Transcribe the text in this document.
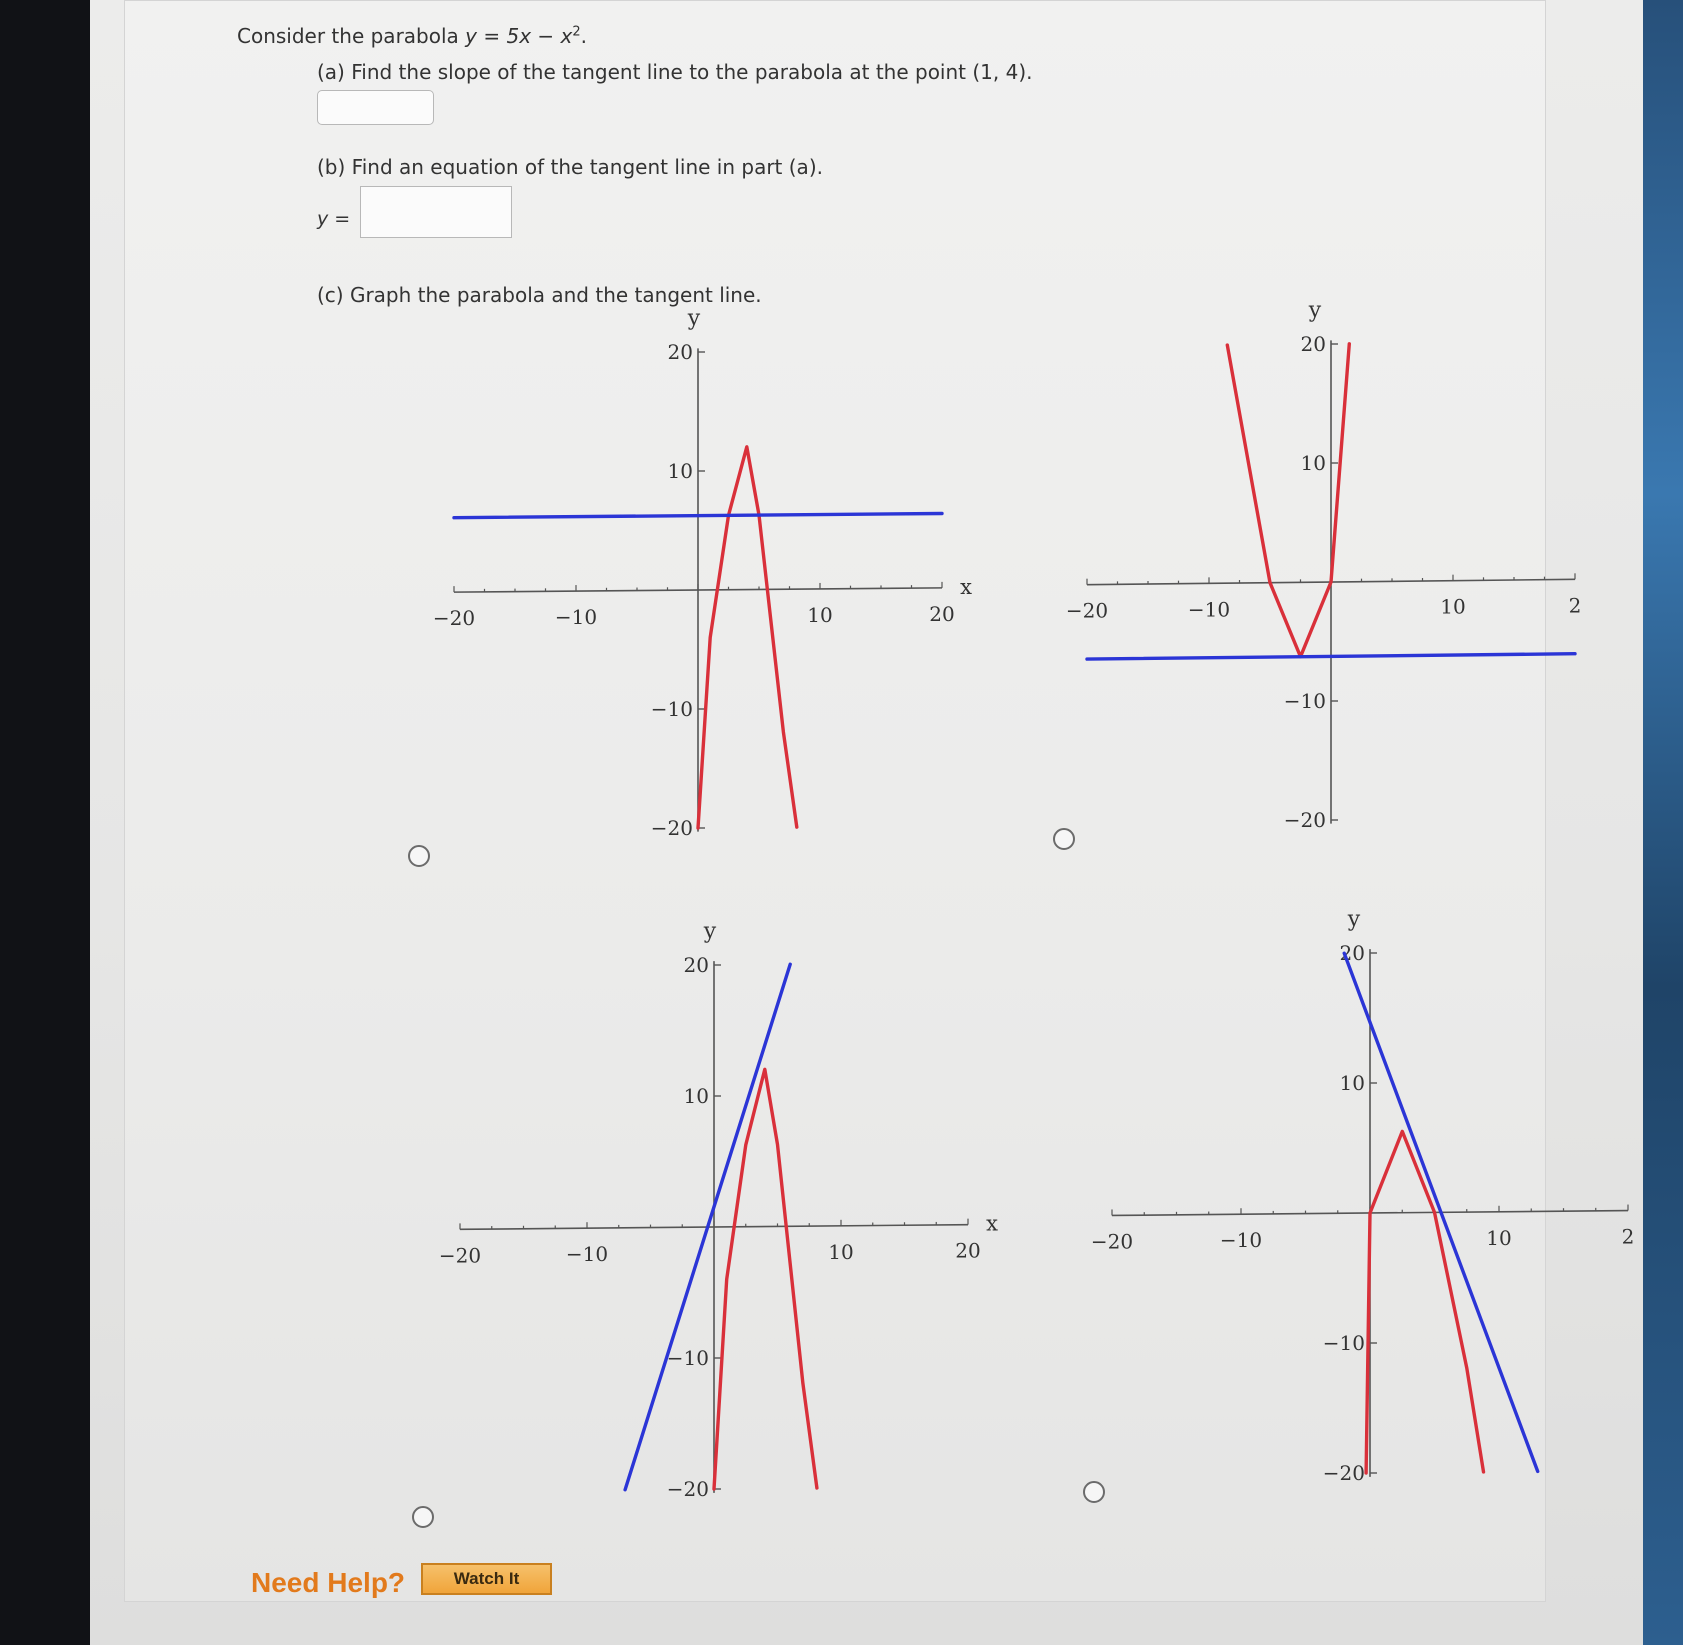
Consider the parabola $y = 5x - x^2$.
(a) Find the slope of the tangent line to the parabola at the point (1, 4).
(b) Find an equation of the tangent line in part (a).
y =
(c) Graph the parabola and the tangent line.
−20	−10	10	20
20
10
−10
−20
y
x
−20	−10	10	2
20
10
−10
−20
y
−20	−10	10	20
20
10
−10
−20
y
x
−20	−10	10	2
20
10
−10
−20
y
Need Help?	Watch It
